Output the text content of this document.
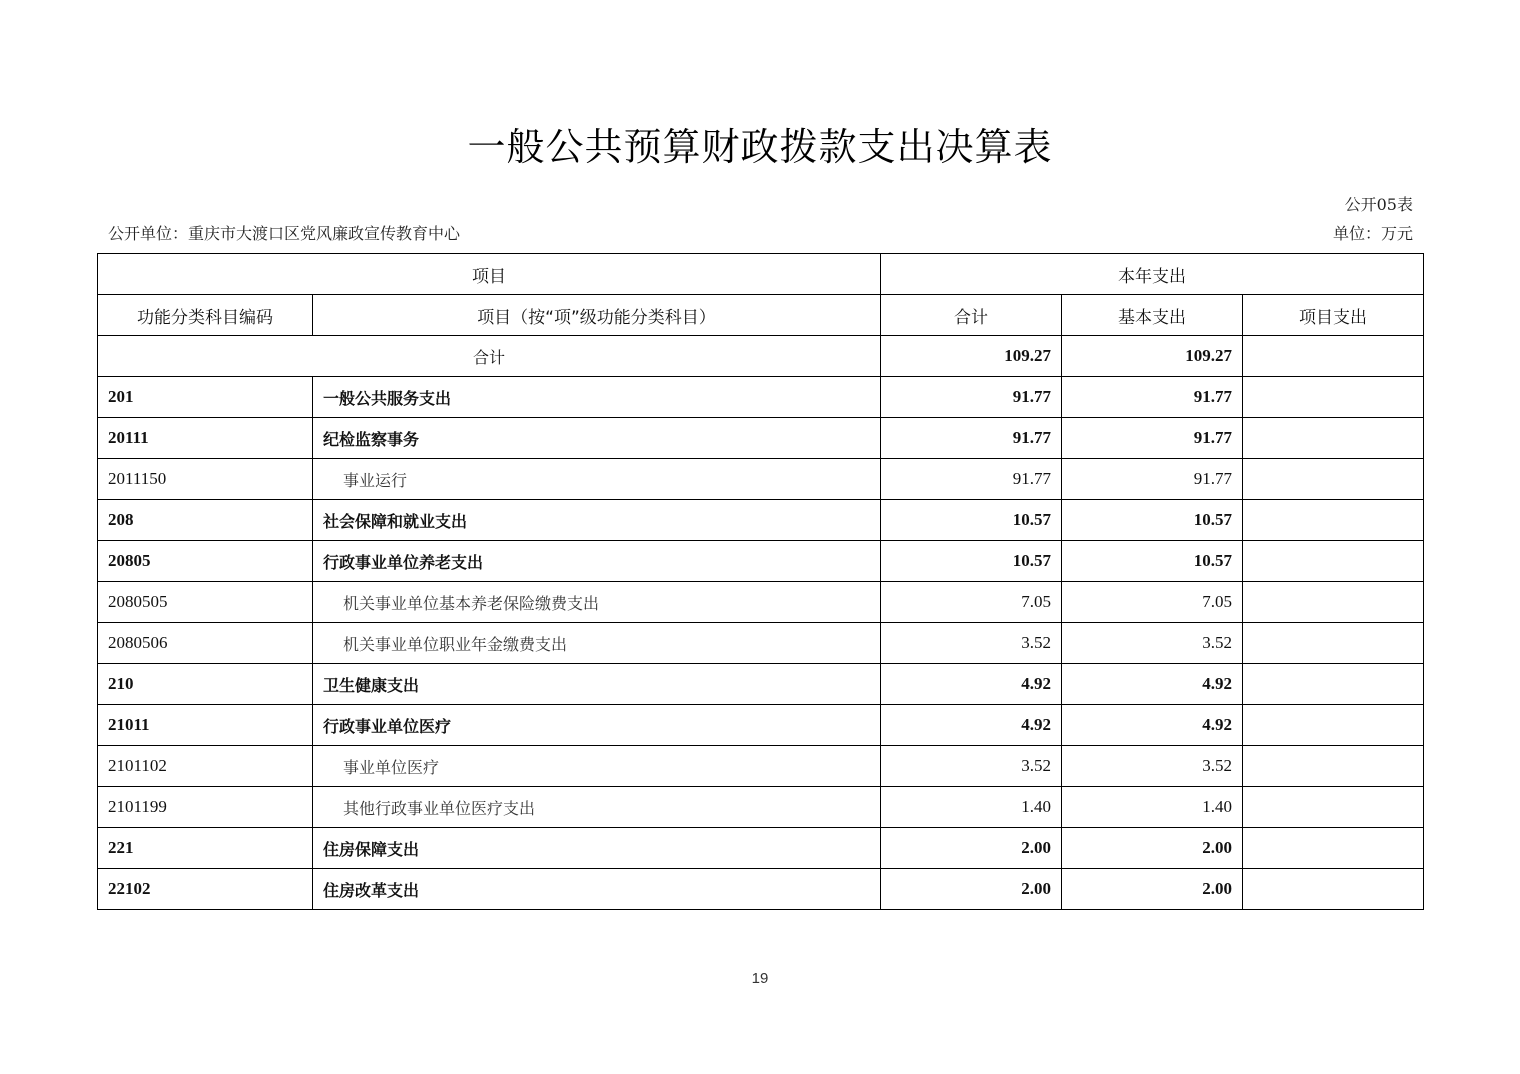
一般公共预算财政拨款支出决算表
公开05表
公开单位：重庆市大渡口区党风廉政宣传教育中心	单位：万元
项目		本年支出		
功能分类科目编码	项目（按“项”级功能分类科目）	合计	基本支出	项目支出
合计		109.27	109.27	
201	一般公共服务支出	91.77	91.77	
20111	纪检监察事务	91.77	91.77	
2011150	事业运行	91.77	91.77	
208	社会保障和就业支出	10.57	10.57	
20805	行政事业单位养老支出	10.57	10.57	
2080505	机关事业单位基本养老保险缴费支出	7.05	7.05	
2080506	机关事业单位职业年金缴费支出	3.52	3.52	
210	卫生健康支出	4.92	4.92	
21011	行政事业单位医疗	4.92	4.92	
2101102	事业单位医疗	3.52	3.52	
2101199	其他行政事业单位医疗支出	1.40	1.40	
221	住房保障支出	2.00	2.00	
22102	住房改革支出	2.00	2.00	
19
